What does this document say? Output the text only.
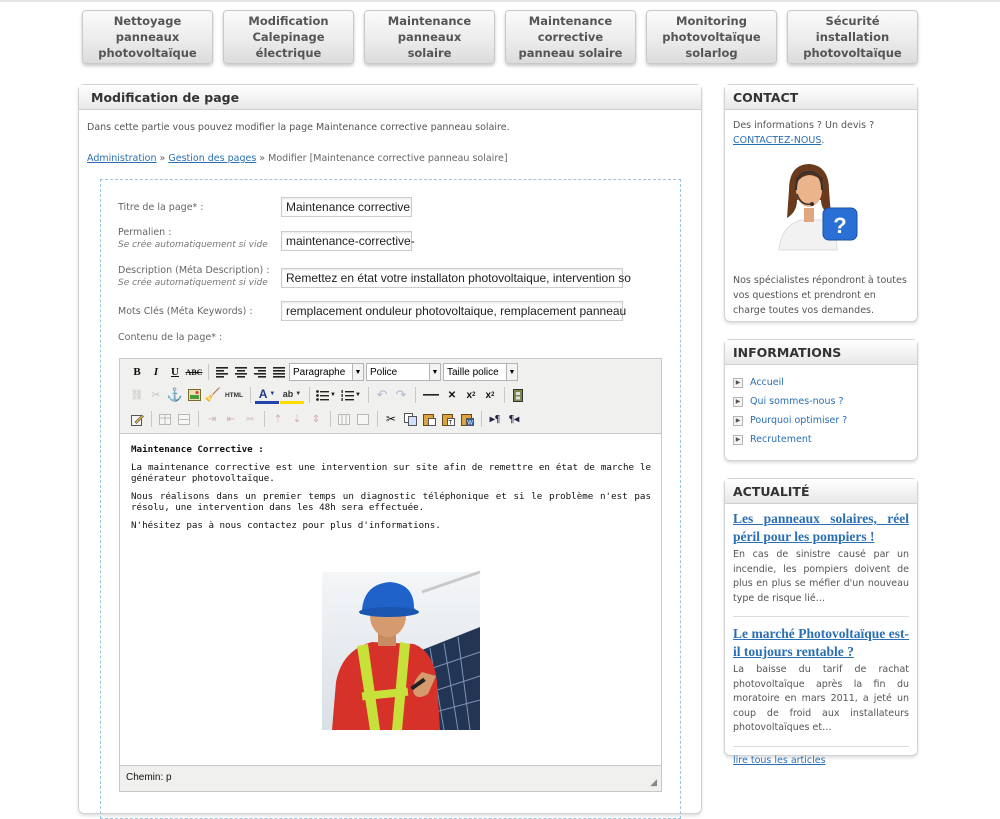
Nettoyage panneaux
photovoltaïque
Modification Calepinage
électrique
Maintenance panneaux
solaire
Maintenance corrective
panneau solaire
Monitoring
photovoltaïque solarlog
Sécurité installation
photovoltaïque
Modification de page
Dans cette partie vous pouvez modifier la page Maintenance corrective panneau solaire.
Administration » Gestion des pages » Modifier [Maintenance corrective panneau solaire]
Titre de la page* :	Maintenance corrective
Permalien :
Se crée automatiquement si vide	maintenance-corrective-
Description (Méta Description) :
Se crée automatiquement si vide	Remettez en état votre installaton photovoltaique, intervention so
Mots Clés (Méta Keywords) :	remplacement onduleur photovoltaique, remplacement panneau
Contenu de la page* :
B	I	U ABC	Paragraphe	▼ Police	▼ Taille police	▼
⛓ ✂ ⚓ 🧹 HTML	A ▼ ab ▼	▼	▼ ↶ ↷	✕	x 2	x 2
⇥	⇤	⇿	⇡	⇣	⇕	✂	T	W	▸¶ ¶◂

Maintenance Corrective :

La maintenance corrective est une intervention sur site afin de remettre en état de marche le générateur photovoltaïque.

Nous réalisons dans un premier temps un diagnostic téléphonique et si le problème n'est pas résolu, une intervention dans les 48h sera effectuée.

N'hésitez pas à nous contactez pour plus d'informations.

Chemin: p	◢
CONTACT
Des informations ? Un devis ?
CONTACTEZ-NOUS.
?
Nos spécialistes répondront à toutes vos questions et prendront en charge toutes vos demandes.
INFORMATIONS
▶ Accueil
▶ Qui sommes-nous ?
▶ Pourquoi optimiser ?
▶ Recrutement
ACTUALITÉ
Les panneaux solaires, réel péril pour les pompiers !
En cas de sinistre causé par un incendie, les pompiers doivent de plus en plus se méfier d'un nouveau type de risque lié…
Le marché Photovoltaïque est-il toujours rentable ?
La baisse du tarif de rachat photovoltaïque après la fin du moratoire en mars 2011, a jeté un coup de froid aux installateurs photovoltaïques et…
lire tous les articles
